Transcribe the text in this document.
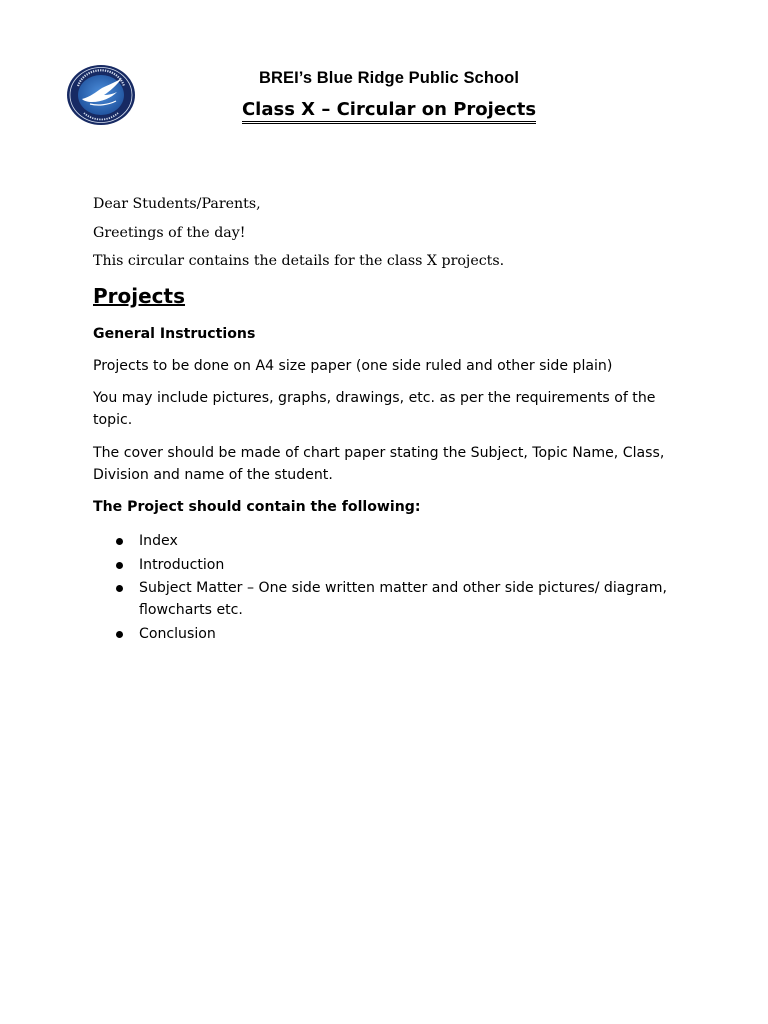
BREI’s Blue Ridge Public School
Class X – Circular on Projects
Dear Students/Parents,
Greetings of the day!
This circular contains the details for the class X projects.
Projects
General Instructions
Projects to be done on A4 size paper (one side ruled and other side plain)
You may include pictures, graphs, drawings, etc. as per the requirements of the topic.
The cover should be made of chart paper stating the Subject, Topic Name, Class, Division and name of the student.
The Project should contain the following:
Index
Introduction
Subject Matter – One side written matter and other side pictures/ diagram, flowcharts etc.
Conclusion
